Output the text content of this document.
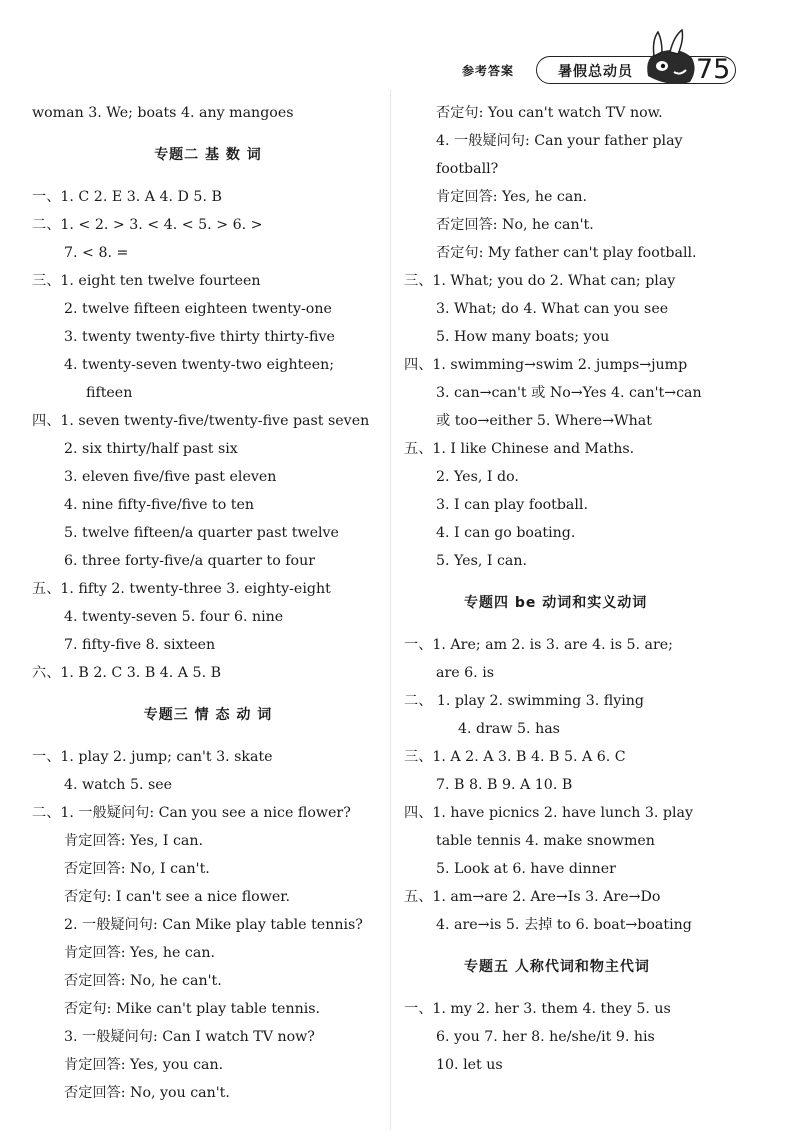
参考答案	暑假总动员 75
woman 3. We; boats 4. any mangoes
专题二 基 数 词
一、1. C 2. E 3. A 4. D 5. B
二、1. < 2. > 3. < 4. < 5. > 6. >
7. < 8. =
三、1. eight ten twelve fourteen
2. twelve fifteen eighteen twenty-one
3. twenty twenty-five thirty thirty-five
4. twenty-seven twenty-two eighteen;
fifteen
四、1. seven twenty-five/twenty-five past seven
2. six thirty/half past six
3. eleven five/five past eleven
4. nine fifty-five/five to ten
5. twelve fifteen/a quarter past twelve
6. three forty-five/a quarter to four
五、1. fifty 2. twenty-three 3. eighty-eight
4. twenty-seven 5. four 6. nine
7. fifty-five 8. sixteen
六、1. B 2. C 3. B 4. A 5. B
专题三 情 态 动 词
一、1. play 2. jump; can't 3. skate
4. watch 5. see
二、1. 一般疑问句: Can you see a nice flower?
肯定回答: Yes, I can.
否定回答: No, I can't.
否定句: I can't see a nice flower.
2. 一般疑问句: Can Mike play table tennis?
肯定回答: Yes, he can.
否定回答: No, he can't.
否定句: Mike can't play table tennis.
3. 一般疑问句: Can I watch TV now?
肯定回答: Yes, you can.
否定回答: No, you can't.
否定句: You can't watch TV now.
4. 一般疑问句: Can your father play
football?
肯定回答: Yes, he can.
否定回答: No, he can't.
否定句: My father can't play football.
三、1. What; you do 2. What can; play
3. What; do 4. What can you see
5. How many boats; you
四、1. swimming→swim 2. jumps→jump
3. can→can't 或 No→Yes 4. can't→can
或 too→either 5. Where→What
五、1. I like Chinese and Maths.
2. Yes, I do.
3. I can play football.
4. I can go boating.
5. Yes, I can.
专题四 be 动词和实义动词
一、1. Are; am 2. is 3. are 4. is 5. are;
are 6. is
二、 1. play 2. swimming 3. flying
4. draw 5. has
三、1. A 2. A 3. B 4. B 5. A 6. C
7. B 8. B 9. A 10. B
四、1. have picnics 2. have lunch 3. play
table tennis 4. make snowmen
5. Look at 6. have dinner
五、1. am→are 2. Are→Is 3. Are→Do
4. are→is 5. 去掉 to 6. boat→boating
专题五 人称代词和物主代词
一、1. my 2. her 3. them 4. they 5. us
6. you 7. her 8. he/she/it 9. his
10. let us
